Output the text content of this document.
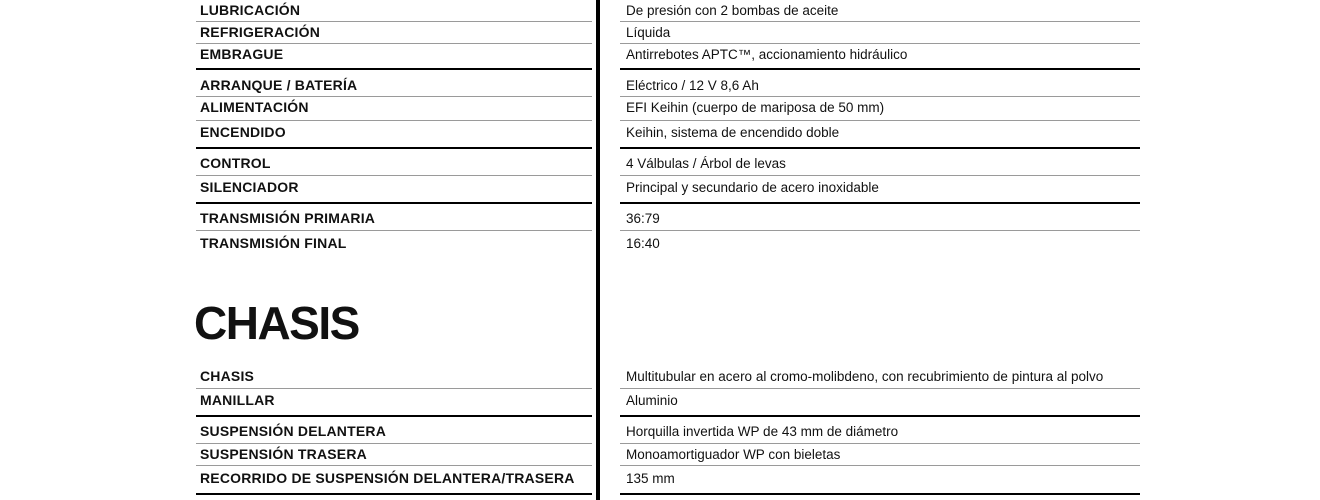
LUBRICACIÓN	De presión con 2 bombas de aceite
REFRIGERACIÓN	Líquida
EMBRAGUE	Antirrebotes APTC™, accionamiento hidráulico
ARRANQUE / BATERÍA	Eléctrico / 12 V 8,6 Ah
ALIMENTACIÓN	EFI Keihin (cuerpo de mariposa de 50 mm)
ENCENDIDO	Keihin, sistema de encendido doble
CONTROL	4 Válbulas / Árbol de levas
SILENCIADOR	Principal y secundario de acero inoxidable
TRANSMISIÓN PRIMARIA	36:79
TRANSMISIÓN FINAL	16:40
CHASIS
CHASIS	Multitubular en acero al cromo-molibdeno, con recubrimiento de pintura al polvo
MANILLAR	Aluminio
SUSPENSIÓN DELANTERA	Horquilla invertida WP de 43 mm de diámetro
SUSPENSIÓN TRASERA	Monoamortiguador WP con bieletas
RECORRIDO DE SUSPENSIÓN DELANTERA/TRASERA	135 mm
